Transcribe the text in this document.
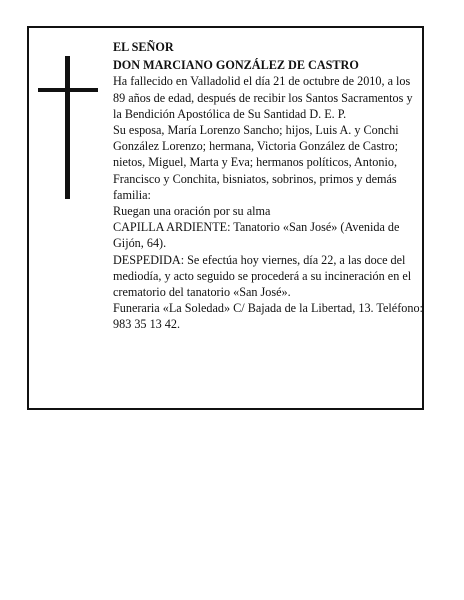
EL SEÑOR

DON MARCIANO GONZÁLEZ DE CASTRO

Ha fallecido en Valladolid el día 21 de octubre de 2010, a los 89 años de edad, después de recibir los Santos Sacramentos y la Bendición Apostólica de Su Santidad D. E. P.

Su esposa, María Lorenzo Sancho; hijos, Luis A. y Conchi González Lorenzo; hermana, Victoria González de Castro; nietos, Miguel, Marta y Eva; hermanos políticos, Antonio, Francisco y Conchita, bisniatos, sobrinos, primos y demás familia:

Ruegan una oración por su alma

CAPILLA ARDIENTE: Tanatorio «San José» (Avenida de Gijón, 64).

DESPEDIDA: Se efectúa hoy viernes, día 22, a las doce del mediodía, y acto seguido se procederá a su incineración en el crematorio del tanatorio «San José».

Funeraria «La Soledad» C/ Bajada de la Libertad, 13. Teléfono: 983 35 13 42.
